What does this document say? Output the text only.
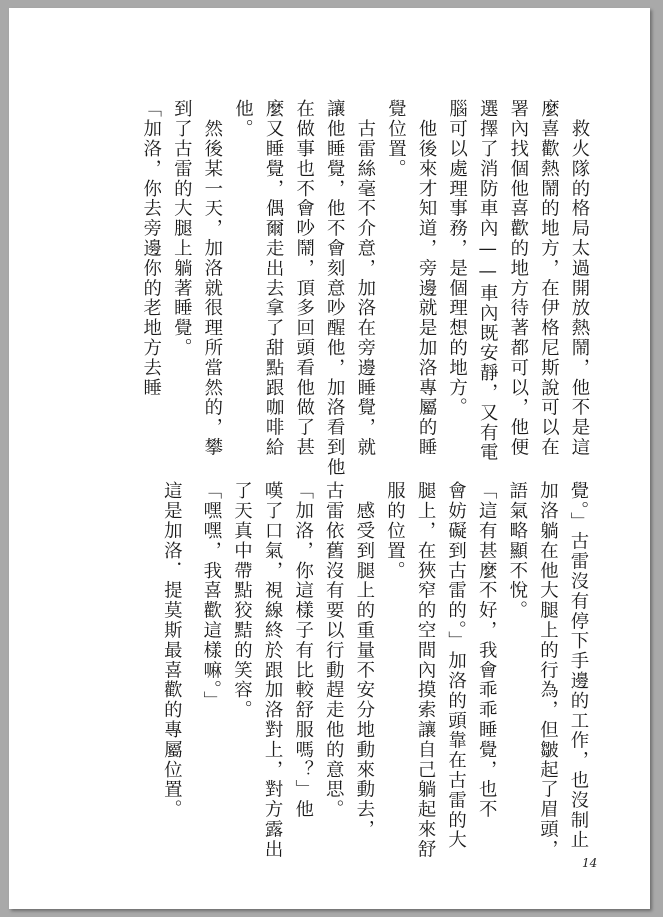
　救火隊的格局太過開放熱鬧，他不是這
麼喜歡熱鬧的地方，在伊格尼斯說可以在
署內找個他喜歡的地方待著都可以，他便
選擇了消防車內——車內既安靜，又有電
腦可以處理事務，是個理想的地方。
　他後來才知道，旁邊就是加洛專屬的睡
覺位置。
　古雷絲毫不介意，加洛在旁邊睡覺，就
讓他睡覺，他不會刻意吵醒他，加洛看到他
在做事也不會吵鬧，頂多回頭看他做了甚
麼又睡覺，偶爾走出去拿了甜點跟咖啡給
他。
　然後某一天，加洛就很理所當然的，攀
到了古雷的大腿上躺著睡覺。
「加洛，你去旁邊你的老地方去睡
覺。」古雷沒有停下手邊的工作，也沒制止
加洛躺在他大腿上的行為，但皺起了眉頭，
語氣略顯不悅。
「這有甚麼不好，我會乖乖睡覺，也不
會妨礙到古雷的。」加洛的頭靠在古雷的大
腿上，在狹窄的空間內摸索讓自己躺起來舒
服的位置。
　感受到腿上的重量不安分地動來動去，
古雷依舊沒有要以行動趕走他的意思。
「加洛，你這樣子有比較舒服嗎？」他
嘆了口氣，視線終於跟加洛對上，對方露出
了天真中帶點狡黠的笑容。
「嘿嘿，我喜歡這樣嘛。」
這是加洛．提莫斯最喜歡的專屬位置。
14
